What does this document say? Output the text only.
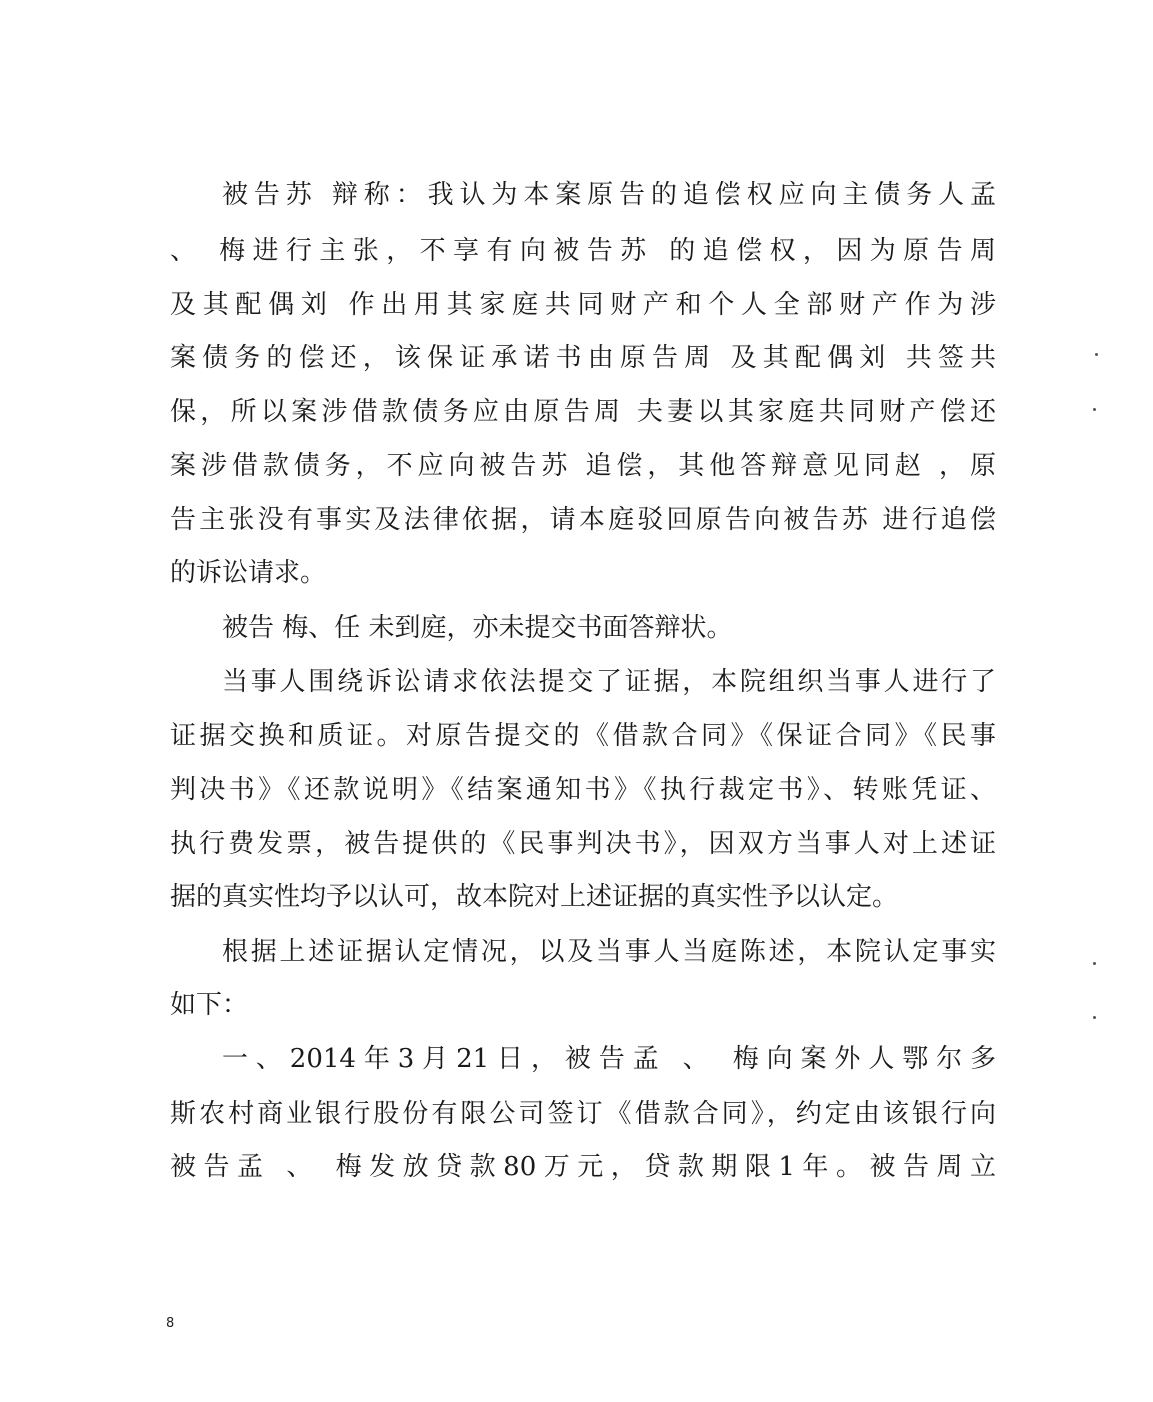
被告苏 辩称：我认为本案原告的追偿权应向主债务人孟
、 梅进行主张，不享有向被告苏 的追偿权，因为原告周
及其配偶刘 作出用其家庭共同财产和个人全部财产作为涉
案债务的偿还，该保证承诺书由原告周 及其配偶刘 共签共
保，所以案涉借款债务应由原告周 夫妻以其家庭共同财产偿还
案涉借款债务，不应向被告苏 追偿，其他答辩意见同赵 ，原
告主张没有事实及法律依据，请本庭驳回原告向被告苏 进行追偿
的诉讼请求。
被告 梅、任 未到庭，亦未提交书面答辩状。
当事人围绕诉讼请求依法提交了证据，本院组织当事人进行了
证据交换和质证。对原告提交的《借款合同》《保证合同》《民事
判决书》《还款说明》《结案通知书》《执行裁定书》、转账凭证、
执行费发票，被告提供的《民事判决书》，因双方当事人对上述证
据的真实性均予以认可，故本院对上述证据的真实性予以认定。
根据上述证据认定情况，以及当事人当庭陈述，本院认定事实
如下：
一、2014年3月21日，被告孟 、 梅向案外人鄂尔多
斯农村商业银行股份有限公司签订《借款合同》，约定由该银行向
被告孟 、 梅发放贷款80万元，贷款期限1年。被告周立
8
